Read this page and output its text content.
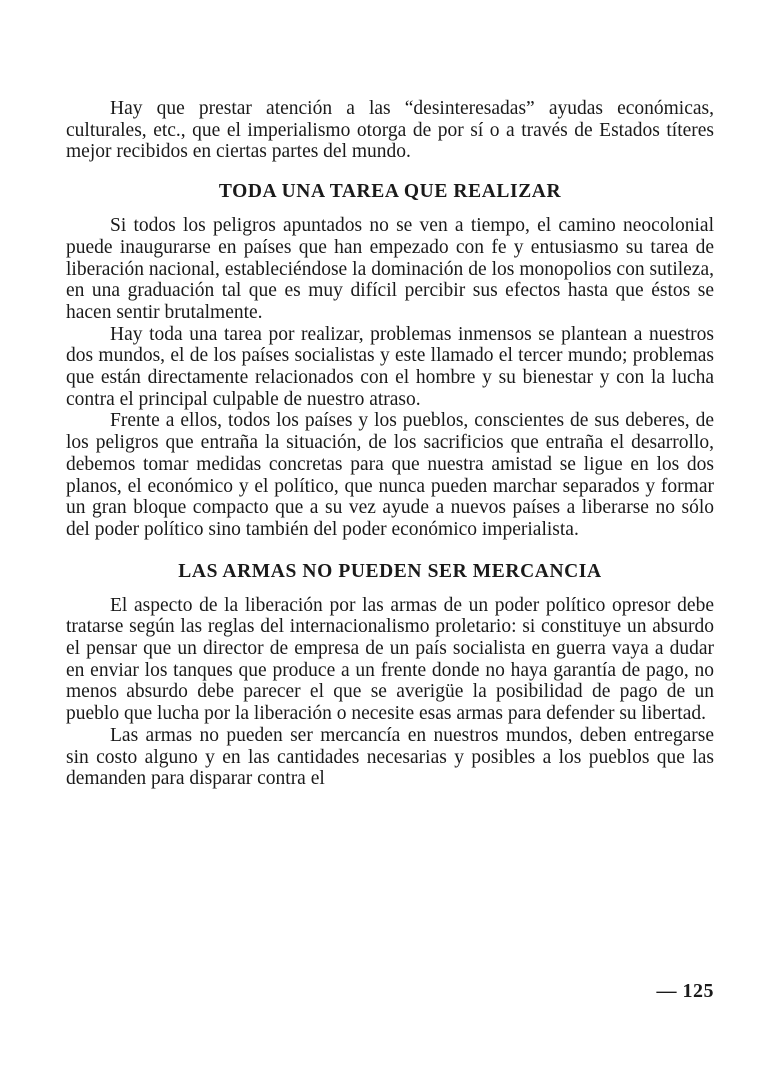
Hay que prestar atención a las “desinteresadas” ayudas económicas, culturales, etc., que el imperialismo otorga de por sí o a través de Estados títeres mejor recibidos en ciertas partes del mundo.

TODA UNA TAREA QUE REALIZAR

Si todos los peligros apuntados no se ven a tiempo, el camino neocolonial puede inaugurarse en países que han empezado con fe y entusiasmo su tarea de liberación nacional, estableciéndose la dominación de los monopolios con sutileza, en una graduación tal que es muy difícil percibir sus efectos hasta que éstos se hacen sentir brutalmente.

Hay toda una tarea por realizar, problemas inmensos se plantean a nuestros dos mundos, el de los países socialistas y este llamado el tercer mundo; problemas que están directamente relacionados con el hombre y su bienestar y con la lucha contra el principal culpable de nuestro atraso.

Frente a ellos, todos los países y los pueblos, conscientes de sus deberes, de los peligros que entraña la situación, de los sacrificios que entraña el desarrollo, debemos tomar medidas concretas para que nuestra amistad se ligue en los dos planos, el económico y el político, que nunca pueden marchar separados y formar un gran bloque compacto que a su vez ayude a nuevos países a liberarse no sólo del poder político sino también del poder económico imperialista.

LAS ARMAS NO PUEDEN SER MERCANCIA

El aspecto de la liberación por las armas de un poder político opresor debe tratarse según las reglas del internacionalismo proletario: si constituye un absurdo el pensar que un director de empresa de un país socialista en guerra vaya a dudar en enviar los tanques que produce a un frente donde no haya garantía de pago, no menos absurdo debe parecer el que se averigüe la posibilidad de pago de un pueblo que lucha por la liberación o necesite esas armas para defender su libertad.

Las armas no pueden ser mercancía en nuestros mundos, deben entregarse sin costo alguno y en las cantidades necesarias y posibles a los pueblos que las demanden para disparar contra el

— 125
